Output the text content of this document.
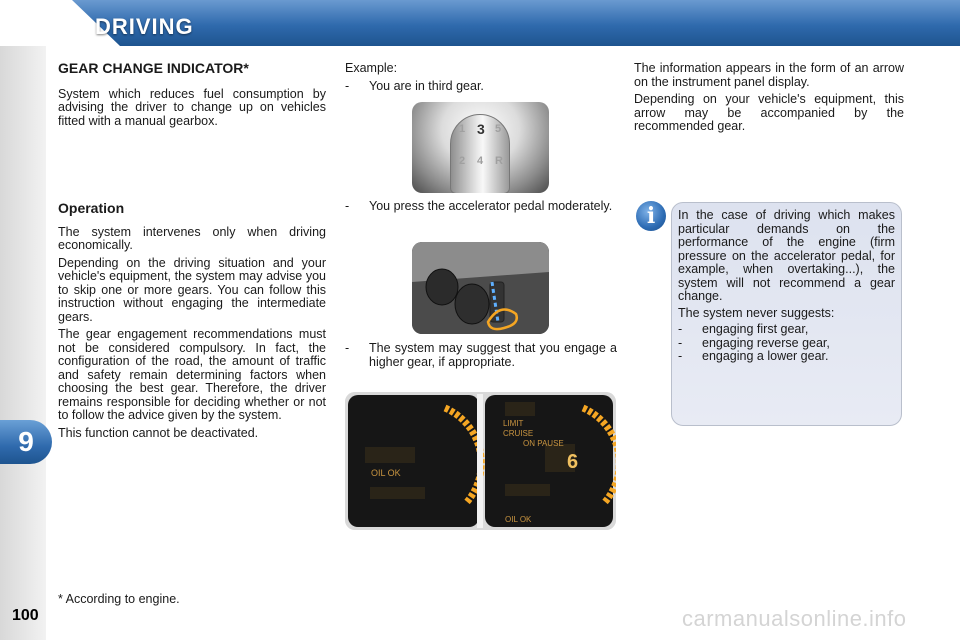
DRIVING
9
100
GEAR CHANGE INDICATOR*

System which reduces fuel consumption by advising the driver to change up on vehicles fitted with a manual gearbox.

Operation

The system intervenes only when driving economically.

Depending on the driving situation and your vehicle's equipment, the system may advise you to skip one or more gears. You can follow this instruction without engaging the intermediate gears.

The gear engagement recommendations must not be considered compulsory. In fact, the configuration of the road, the amount of traffic and safety remain determining factors when choosing the best gear. Therefore, the driver remains responsible for deciding whether or not to follow the advice given by the system.

This function cannot be deactivated.

Example:

-	You are in third gear.
1 3 5
2 4 R
-	You press the accelerator pedal moderately.
-	The system may suggest that you engage a higher gear, if appropriate.
OIL OK
LIMIT
CRUISE
ON PAUSE
6
OIL OK

The information appears in the form of an arrow on the instrument panel display.

Depending on your vehicle's equipment, this arrow may be accompanied by the recommended gear.

i	In the case of driving which makes particular demands on the performance of the engine (firm pressure on the accelerator pedal, for example, when overtaking...), the system will not recommend a gear change.

The system never suggests:

-	engaging first gear,
-	engaging reverse gear,
-	engaging a lower gear.
* According to engine.
carmanualsonline.info
